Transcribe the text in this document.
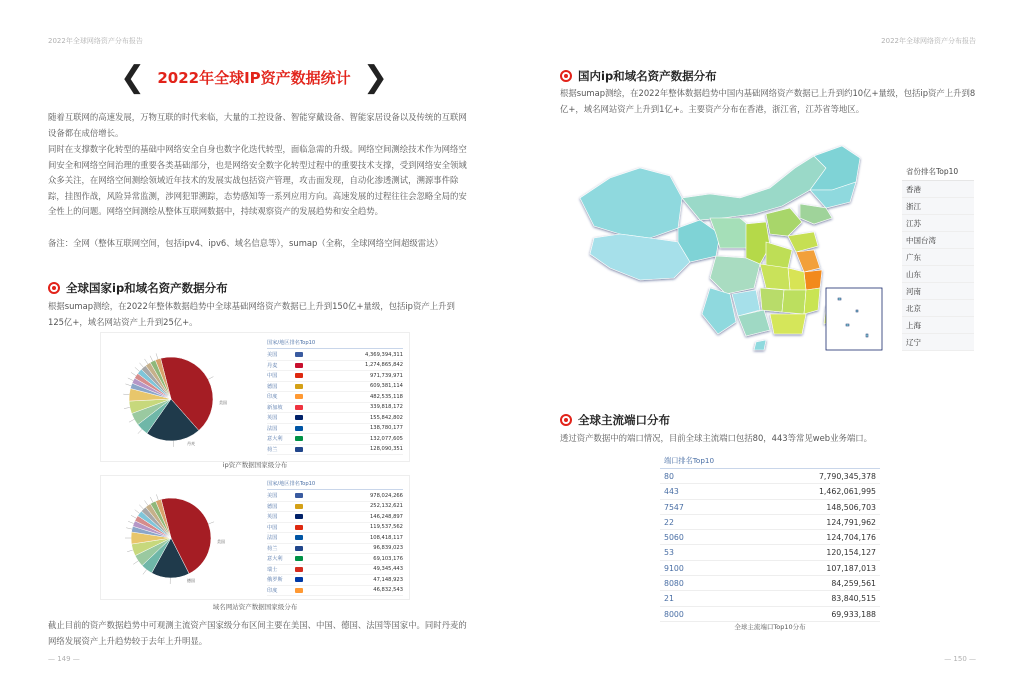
2022年全球网络资产分布报告	2022年全球网络资产分布报告
❮ 2022年全球IP资产数据统计 ❯
随着互联网的高速发展，万物互联的时代来临，大量的工控设备、智能穿戴设备、智能家居设备以及传统的互联网设备都在成倍增长。
同时在支撑数字化转型的基础中网络安全自身也数字化迭代转型，面临急需的升级。网络空间测绘技术作为网络空间安全和网络空间治理的重要各类基础部分，也是网络安全数字化转型过程中的重要技术支撑，受到网络安全领域众多关注，在网络空间测绘领域近年技术的发展实战包括资产管理，攻击面发现，自动化渗透测试，溯源事件除踪，挂图作战，风险异常监测，涉网犯罪溯踪，态势感知等一系列应用方向。高速发展的过程往往会忽略全局的安全性上的问题。网络空间测绘从整体互联网数据中，持续观察资产的发展趋势和安全趋势。
备注：全网（整体互联网空间，包括ipv4、ipv6、域名信息等），sumap（全称，全球网络空间超级雷达）
全球国家ip和域名资产数据分布
根据sumap测绘，在2022年整体数据趋势中全球基础网络资产数据已上升到150亿+量级，包括ip资产上升到125亿+，域名网站资产上升到25亿+。
美国
丹麦
国家/地区排名Top10
美国	4,369,394,311
丹麦	1,274,865,842
中国	971,739,971
德国	609,381,114
印度	482,535,118
新加坡	339,818,172
英国	155,842,802
法国	138,780,177
意大利	132,077,605
荷兰	128,090,351
ip资产数据国家级分布
美国
德国
国家/地区排名Top10
美国	978,024,266
德国	252,132,621
英国	146,248,897
中国	119,537,562
法国	108,418,117
荷兰	96,839,023
意大利	69,103,176
瑞士	49,345,443
俄罗斯	47,148,923
印度	46,832,543
域名网站资产数据国家级分布
截止目前的资产数据趋势中可观测主流资产国家级分布区间主要在美国、中国、德国、法国等国家中。同时丹麦的网络发展资产上升趋势较于去年上升明显。
— 149 —
国内ip和域名资产数据分布
根据sumap测绘，在2022年整体数据趋势中国内基础网络资产数据已上升到约10亿+量级，包括ip资产上升到8亿+，域名网站资产上升到1亿+。主要资产分布在香港，浙江省，江苏省等地区。
省份排名Top10
香港
浙江
江苏
中国台湾
广东
山东
河南
北京
上海
辽宁
全球主流端口分布
透过资产数据中的端口情况，目前全球主流端口包括80，443等常见web业务端口。
端口排名Top10
80	7,790,345,378
443	1,462,061,995
7547	148,506,703
22	124,791,962
5060	124,704,176
53	120,154,127
9100	107,187,013
8080	84,259,561
21	83,840,515
8000	69,933,188
全球主流端口Top10分布
— 150 —
